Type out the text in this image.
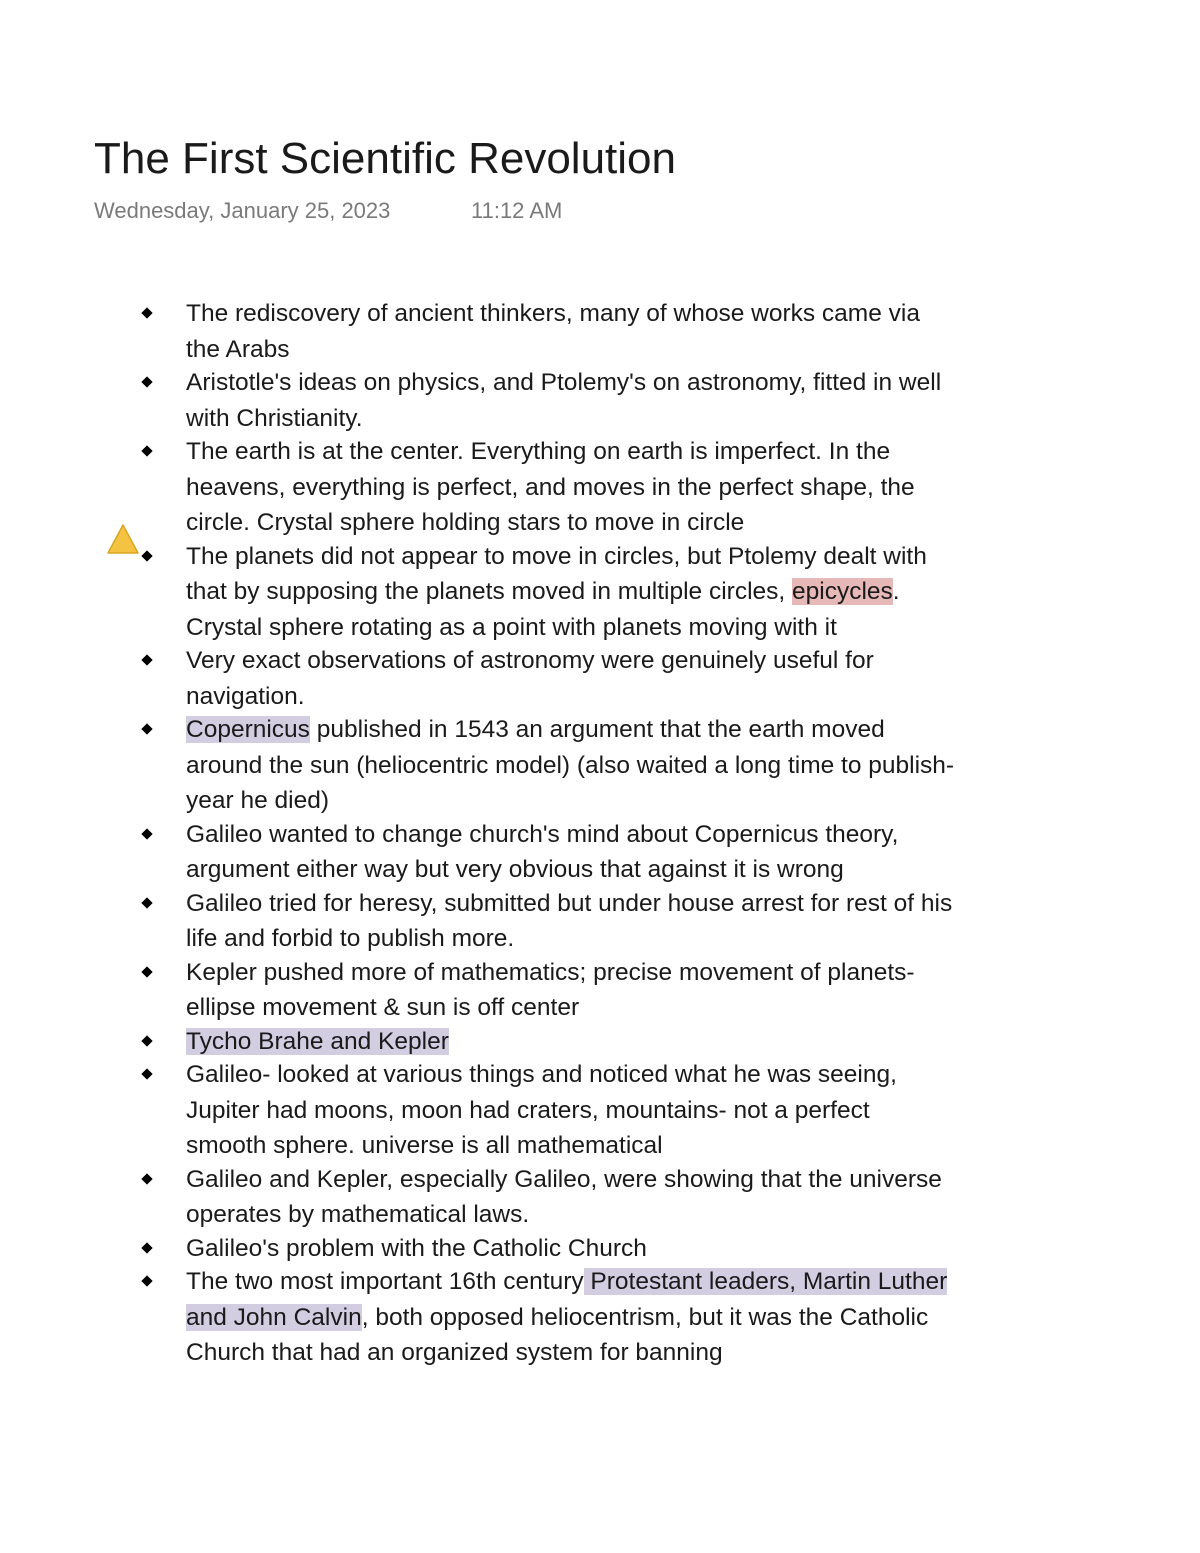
The First Scientific Revolution
Wednesday, January 25, 2023	11:12 AM
The rediscovery of ancient thinkers, many of whose works came via the Arabs
Aristotle's ideas on physics, and Ptolemy's on astronomy, fitted in well with Christianity.
The earth is at the center. Everything on earth is imperfect. In the heavens, everything is perfect, and moves in the perfect shape, the circle. Crystal sphere holding stars to move in circle
The planets did not appear to move in circles, but Ptolemy dealt with that by supposing the planets moved in multiple circles, epicycles. Crystal sphere rotating as a point with planets moving with it
Very exact observations of astronomy were genuinely useful for navigation.
Copernicus published in 1543 an argument that the earth moved around the sun (heliocentric model) (also waited a long time to publish- year he died)
Galileo wanted to change church's mind about Copernicus theory, argument either way but very obvious that against it is wrong
Galileo tried for heresy, submitted but under house arrest for rest of his life and forbid to publish more.
Kepler pushed more of mathematics; precise movement of planets-ellipse movement & sun is off center
Tycho Brahe and Kepler
Galileo- looked at various things and noticed what he was seeing, Jupiter had moons, moon had craters, mountains- not a perfect smooth sphere. universe is all mathematical
Galileo and Kepler, especially Galileo, were showing that the universe operates by mathematical laws.
Galileo's problem with the Catholic Church
The two most important 16th century Protestant leaders, Martin Luther and John Calvin, both opposed heliocentrism, but it was the Catholic Church that had an organized system for banning
